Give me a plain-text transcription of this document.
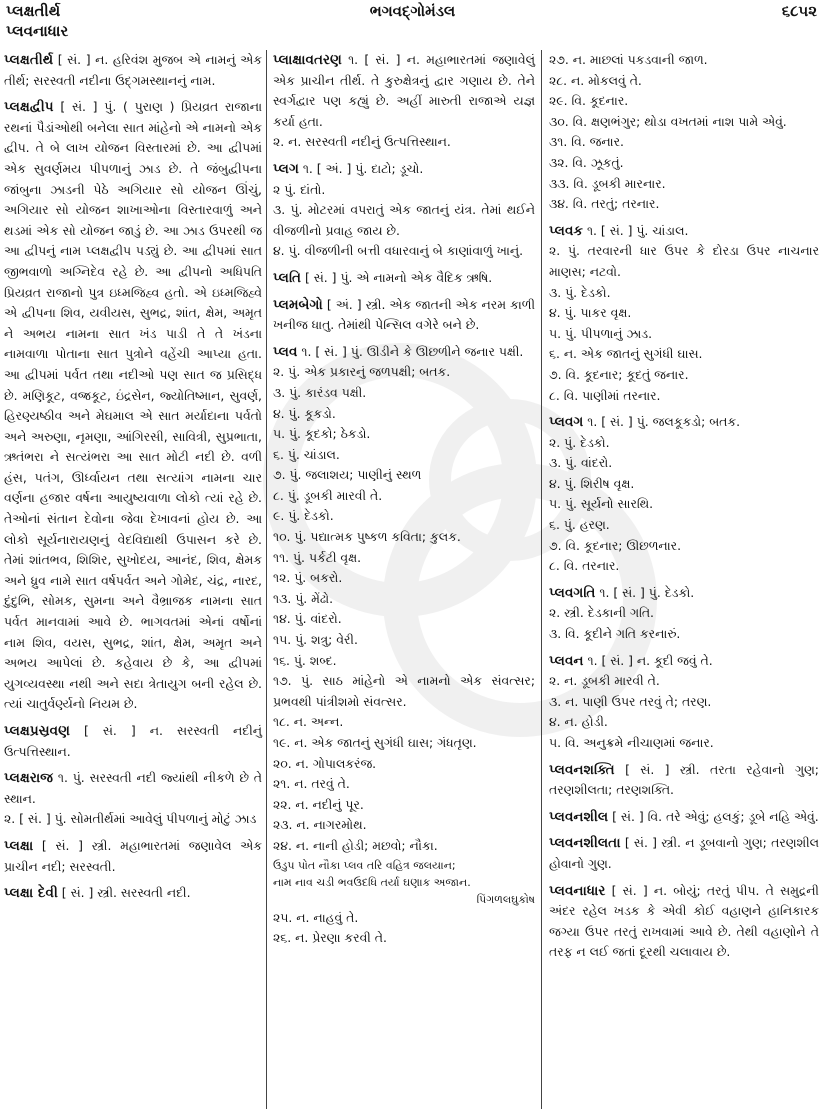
પ્લક્ષતીર્થ
પ્લવનાધાર
ભગવદ્ગોમંડલ	૬૮૫૨

પ્લક્ષતીર્થ [ સં. ] ન. હરિવંશ મુજબ એ નામનું એક તીર્થ; સરસ્વતી નદીના ઉદ્ગમસ્થાનનું નામ.

પ્લક્ષદ્વીપ [ સં. ] પું. ( પુરાણ ) પ્રિયવ્રત રાજાના રથનાં પૈડાંઓથી બનેલા સાત માંહેનો એ નામનો એક દ્વીપ. તે બે લાખ યોજન વિસ્તારમાં છે. આ દ્વીપમાં એક સુવર્ણમય પીપળાનું ઝાડ છે. તે જંબુદ્વીપના જાંબુના ઝાડની પેઠે અગિયાર સો યોજન ઊંચું, અગિયાર સો યોજન શાખાઓના વિસ્તારવાળું અને થડમાં એક સો યોજન જાડું છે. આ ઝાડ ઉપરથી જ આ દ્વીપનું નામ પ્લક્ષદ્વીપ પડ્યું છે. આ દ્વીપમાં સાત જીભવાળો અગ્નિદેવ રહે છે. આ દ્વીપનો અધિપતિ પ્રિયવ્રત રાજાનો પુત્ર ઇધ્મજિહ્વ હતો. એ ઇધ્મજિહ્વે એ દ્વીપના શિવ, યવીયસ, સુભદ્ર, શાંત, ક્ષેમ, અમૃત ને અભય નામના સાત ખંડ પાડી તે તે ખંડના નામવાળા પોતાના સાત પુત્રોને વહેંચી આપ્યા હતા. આ દ્વીપમાં પર્વત તથા નદીઓ પણ સાત જ પ્રસિદ્ધ છે. મણિકૂટ, વજ્રકૂટ, ઇંદ્રસેન, જ્યોતિષ્માન, સુવર્ણ, હિરણ્યષ્ઠીવ અને મેઘમાલ એ સાત મર્યાદાના પર્વતો અને અરુણા, નૃમણા, આંગિરસી, સાવિત્રી, સુપ્રભાતા, ઋતંભરા ને સત્યંભરા આ સાત મોટી નદી છે. વળી હંસ, પતંગ, ઊર્ધ્વાયન તથા સત્યાંગ નામના ચાર વર્ણના હજાર વર્ષના આયુષ્યવાળા લોકો ત્યાં રહે છે. તેઓનાં સંતાન દેવોના જેવા દેખાવનાં હોય છે. આ લોકો સૂર્યનારાયણનું વેદવિદ્યાથી ઉપાસન કરે છે. તેમાં શાંતભવ, શિશિર, સુખોદય, આનંદ, શિવ, ક્ષેમક અને ધ્રુવ નામે સાત વર્ષપર્વત અને ગોમેદ, ચંદ્ર, નારદ, દુંદુભિ, સોમક, સુમના અને વૈભ્રાજક નામના સાત પર્વત માનવામાં આવે છે. ભાગવતમાં એનાં વર્ષોનાં નામ શિવ, વયસ, સુભદ્ર, શાંત, ક્ષેમ, અમૃત અને અભય આપેલાં છે. કહેવાય છે કે, આ દ્વીપમાં યુગવ્યવસ્થા નથી અને સદા ત્રેતાયુગ બની રહેલ છે. ત્યાં ચાતુર્વર્ણ્યનો નિયમ છે.

પ્લક્ષપ્રસ્રવણ [ સં. ] ન. સરસ્વતી નદીનું ઉત્પત્તિસ્થાન.

પ્લક્ષરાજ ૧. પું. સરસ્વતી નદી જ્યાંથી નીકળે છે તે સ્થાન.

૨. [ સં. ] પું. સોમતીર્થમાં આવેલું પીપળાનું મોટું ઝાડ

પ્લક્ષા [ સં. ] સ્ત્રી. મહાભારતમાં જણાવેલ એક પ્રાચીન નદી; સરસ્વતી.

પ્લક્ષા દેવી [ સં. ] સ્ત્રી. સરસ્વતી નદી.

પ્લાક્ષાવતરણ ૧. [ સં. ] ન. મહાભારતમાં જણાવેલું એક પ્રાચીન તીર્થ. તે કુરુક્ષેત્રનું દ્વાર ગણાય છે. તેને સ્વર્ગદ્વાર પણ કહ્યું છે. અહીં મારુતી રાજાએ યજ્ઞ કર્યા હતા.

૨. ન. સરસ્વતી નદીનું ઉત્પત્તિસ્થાન.

પ્લગ ૧. [ અં. ] પું. દાટો; ડૂચો.

૨ પું. દાંતો.

૩. પું. મોટરમાં વપરાતું એક જાતનું યંત્ર. તેમાં થઈને વીજળીનો પ્રવાહ જાય છે.

૪. પું. વીજળીની બત્તી વધારવાનું બે કાણાંવાળું ખાનું.

પ્લતિ [ સં. ] પું. એ નામનો એક વૈદિક ઋષિ.

પ્લમબેગો [ અં. ] સ્ત્રી. એક જાતની એક નરમ કાળી ખનીજ ધાતુ. તેમાંથી પેન્સિલ વગેરે બને છે.

પ્લવ ૧. [ સં. ] પું. ઊડીને કે ઊછળીને જનાર પક્ષી.

૨. પું. એક પ્રકારનું જળપક્ષી; બતક.

૩. પું. કારંડવ પક્ષી.

૪. પું. કૂકડો.

૫. પું. કૂદકો; ઠેકડો.

૬. પું. ચાંડાલ.

૭. પું. જલાશય; પાણીનું સ્થળ

૮. પું. ડૂબકી મારવી તે.

૯. પું. દેડકો.

૧૦. પું. પદ્યાત્મક પુષ્કળ કવિતા; કુલક.

૧૧. પું. પર્કટી વૃક્ષ.

૧૨. પું. બકરો.

૧૩. પું. મેંઢો.

૧૪. પું. વાંદરો.

૧૫. પું. શત્રુ; વેરી.

૧૬. પું. શબ્દ.

૧૭. પું. સાઠ માંહેનો એ નામનો એક સંવત્સર; પ્રભવથી પાંત્રીશમો સંવત્સર.

૧૮. ન. અન્ન.

૧૯. ન. એક જાતનું સુગંધી ઘાસ; ગંધતૃણ.

૨૦. ન. ગોપાલકરંજ.

૨૧. ન. તરવું તે.

૨૨. ન. નદીનું પૂર.

૨૩. ન. નાગરમોથ.

૨૪. ન. નાની હોડી; મછવો; નૌકા.

ઉડુપ પોત નૌકા પ્લવ તરિ વહિત્ર જલયાન;

નામ નાવ ચડી ભવઉદધિ તર્યા ઘણાક અજાન.

પિંગળલઘુકોષ

૨૫. ન. નાહવું તે.

૨૬. ન. પ્રેરણા કરવી તે.

૨૭. ન. માછલાં પકડવાની જાળ.

૨૮. ન. મોકલવું તે.

૨૯. વિ. કૂદનાર.

૩૦. વિ. ક્ષણભંગુર; થોડા વખતમાં નાશ પામે એવું.

૩૧. વિ. જનાર.

૩૨. વિ. ઝૂકતું.

૩૩. વિ. ડૂબકી મારનાર.

૩૪. વિ. તરતું; તરનાર.

પ્લવક ૧. [ સં. ] પું. ચાંડાલ.

૨. પું. તરવારની ધાર ઉપર કે દોરડા ઉપર નાચનાર માણસ; નટવો.

૩. પું. દેડકો.

૪. પું. પાકર વૃક્ષ.

૫. પું. પીપળાનું ઝાડ.

૬. ન. એક જાતનું સુગંધી ઘાસ.

૭. વિ. કૂદનાર; કૂદતું જનાર.

૮. વિ. પાણીમાં તરનાર.

પ્લવગ ૧. [ સં. ] પું. જલકૂકડો; બતક.

૨. પું. દેડકો.

૩. પું. વાંદરો.

૪. પું. શિરીષ વૃક્ષ.

૫. પું. સૂર્યનો સારથિ.

૬. પું. હરણ.

૭. વિ. કૂદનાર; ઊછળનાર.

૮. વિ. તરનાર.

પ્લવગતિ ૧. [ સં. ] પું. દેડકો.

૨. સ્ત્રી. દેડકાની ગતિ.

૩. વિ. કૂદીને ગતિ કરનારું.

પ્લવન ૧. [ સં. ] ન. કૂદી જવું તે.

૨. ન. ડૂબકી મારવી તે.

૩. ન. પાણી ઉપર તરવું તે; તરણ.

૪. ન. હોડી.

૫. વિ. અનુક્રમે નીચાણમાં જનાર.

પ્લવનશક્તિ [ સં. ] સ્ત્રી. તરતા રહેવાનો ગુણ; તરણશીલતા; તરણશક્તિ.

પ્લવનશીલ [ સં. ] વિ. તરે એવું; હલકું; ડૂબે નહિ એવું.

પ્લવનશીલતા [ સં. ] સ્ત્રી. ન ડૂબવાનો ગુણ; તરણશીલ હોવાનો ગુણ.

પ્લવનાધાર [ સં. ] ન. બોયું; તરતું પીપ. તે સમુદ્રની અંદર રહેલ ખડક કે એવી કોઈ વહાણને હાનિકારક જગ્યા ઉપર તરતું રાખવામાં આવે છે. તેથી વહાણોને તે તરફ ન લઈ જતાં દૂરથી ચલાવાય છે.
